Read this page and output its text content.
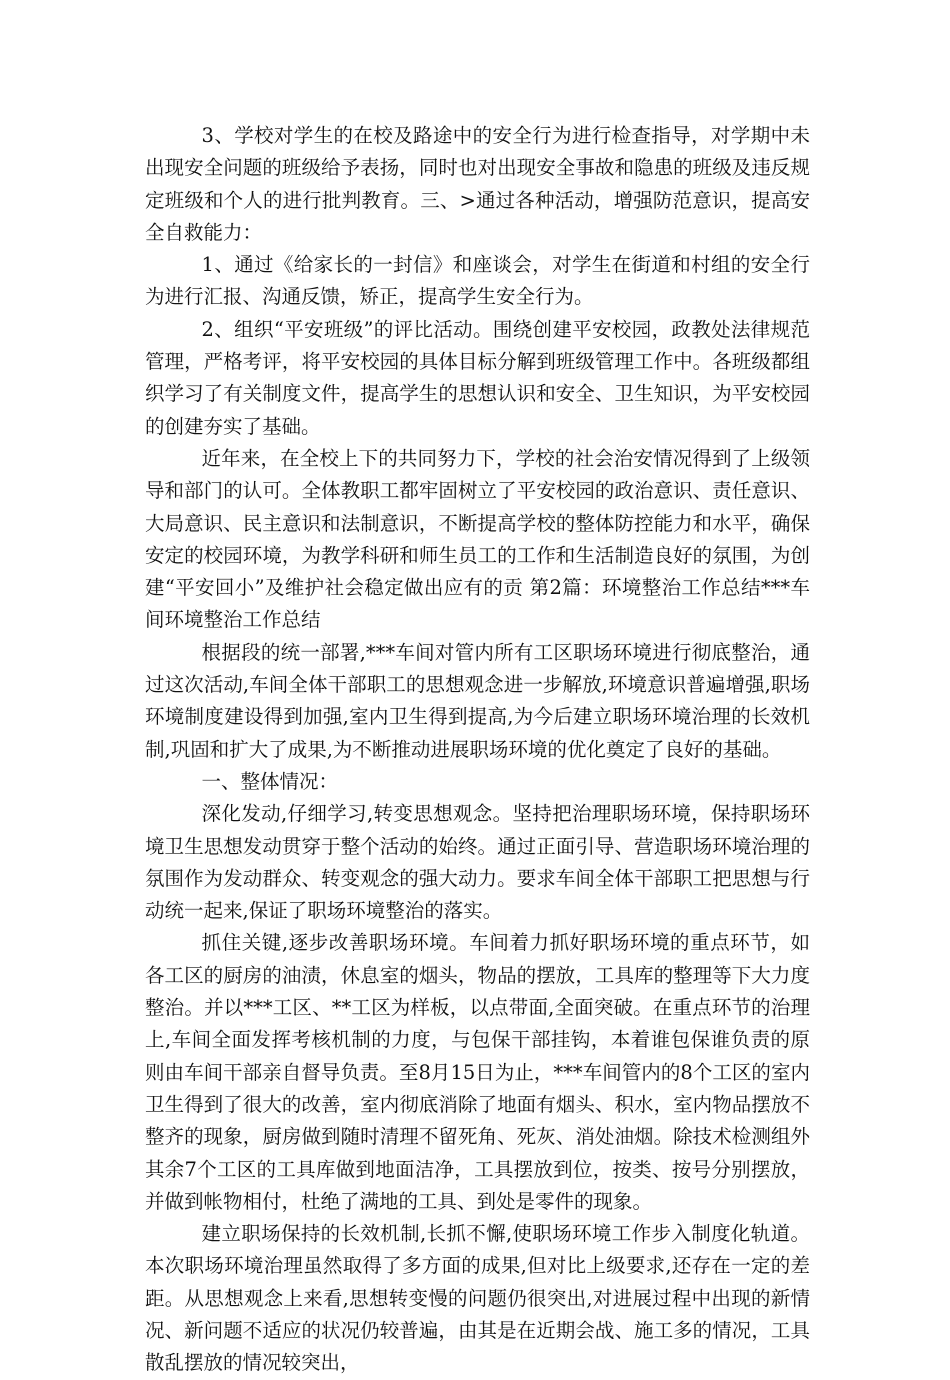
3、学校对学生的在校及路途中的安全行为进行检查指导，对学期中未出现安全问题的班级给予表扬，同时也对出现安全事故和隐患的班级及违反规定班级和个人的进行批判教育。三、>通过各种活动，增强防范意识，提高安全自救能力：

1、通过《给家长的一封信》和座谈会，对学生在街道和村组的安全行为进行汇报、沟通反馈，矫正，提高学生安全行为。

2、组织“平安班级”的评比活动。围绕创建平安校园，政教处法律规范管理，严格考评，将平安校园的具体目标分解到班级管理工作中。各班级都组织学习了有关制度文件，提高学生的思想认识和安全、卫生知识，为平安校园的创建夯实了基础。

近年来，在全校上下的共同努力下，学校的社会治安情况得到了上级领导和部门的认可。全体教职工都牢固树立了平安校园的政治意识、责任意识、大局意识、民主意识和法制意识，不断提高学校的整体防控能力和水平，确保安定的校园环境，为教学科研和师生员工的工作和生活制造良好的氛围，为创建“平安回小”及维护社会稳定做出应有的贡 第2篇：环境整治工作总结***车间环境整治工作总结

根据段的统一部署,***车间对管内所有工区职场环境进行彻底整治，通过这次活动,车间全体干部职工的思想观念进一步解放,环境意识普遍增强,职场环境制度建设得到加强,室内卫生得到提高,为今后建立职场环境治理的长效机制,巩固和扩大了成果,为不断推动进展职场环境的优化奠定了良好的基础。

一、整体情况：

深化发动,仔细学习,转变思想观念。坚持把治理职场环境，保持职场环境卫生思想发动贯穿于整个活动的始终。通过正面引导、营造职场环境治理的氛围作为发动群众、转变观念的强大动力。要求车间全体干部职工把思想与行动统一起来,保证了职场环境整治的落实。

抓住关键,逐步改善职场环境。车间着力抓好职场环境的重点环节，如各工区的厨房的油渍，休息室的烟头，物品的摆放，工具库的整理等下大力度整治。并以***工区、**工区为样板，以点带面,全面突破。在重点环节的治理上,车间全面发挥考核机制的力度，与包保干部挂钩，本着谁包保谁负责的原则由车间干部亲自督导负责。至8月15日为止，***车间管内的8个工区的室内卫生得到了很大的改善，室内彻底消除了地面有烟头、积水，室内物品摆放不整齐的现象，厨房做到随时清理不留死角、死灰、消处油烟。除技术检测组外其余7个工区的工具库做到地面洁净，工具摆放到位，按类、按号分别摆放，并做到帐物相付，杜绝了满地的工具、到处是零件的现象。

建立职场保持的长效机制,长抓不懈,使职场环境工作步入制度化轨道。本次职场环境治理虽然取得了多方面的成果,但对比上级要求,还存在一定的差距。从思想观念上来看,思想转变慢的问题仍很突出,对进展过程中出现的新情况、新问题不适应的状况仍较普遍，由其是在近期会战、施工多的情况，工具散乱摆放的情况较突出，
